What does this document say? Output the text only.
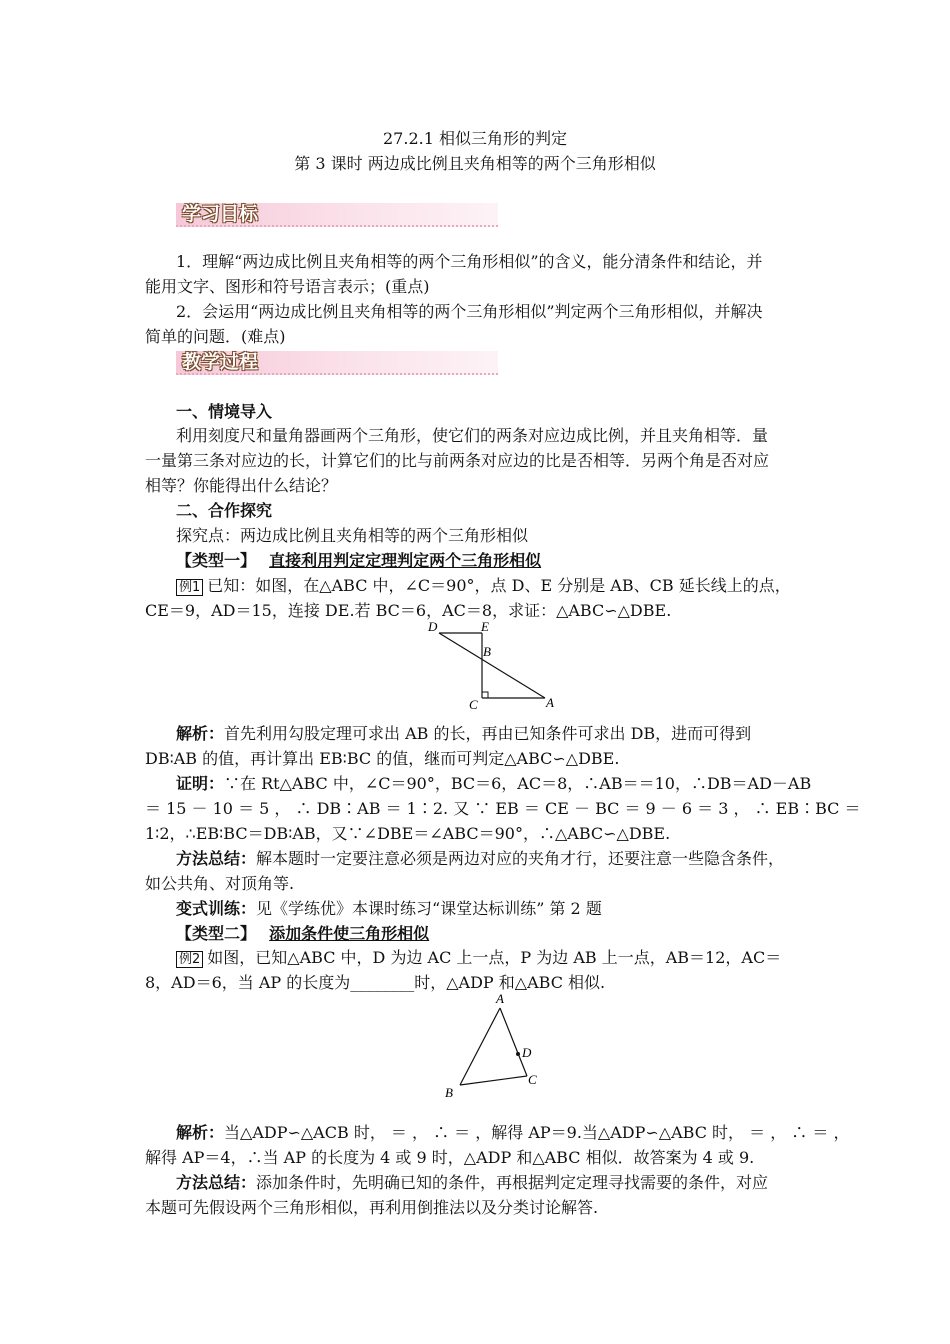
27.2.1 相似三角形的判定
第 3 课时 两边成比例且夹角相等的两个三角形相似
学习目标
1．理解“两边成比例且夹角相等的两个三角形相似”的含义，能分清条件和结论，并
能用文字、图形和符号语言表示；(重点)
2．会运用“两边成比例且夹角相等的两个三角形相似”判定两个三角形相似，并解决
简单的问题．(难点)
教学过程
一、情境导入
利用刻度尺和量角器画两个三角形，使它们的两条对应边成比例，并且夹角相等．量
一量第三条对应边的长，计算它们的比与前两条对应边的比是否相等．另两个角是否对应
相等？你能得出什么结论？
二、合作探究
探究点：两边成比例且夹角相等的两个三角形相似
【类型一】 直接利用判定定理判定两个三角形相似
例1 已知：如图，在△ABC 中，∠C＝90°，点 D、E 分别是 AB、CB 延长线上的点，
CE＝9，AD＝15，连接 DE.若 BC＝6，AC＝8，求证：△ABC∽△DBE.
D	E
B
C	A
解析：首先利用勾股定理可求出 AB 的长，再由已知条件可求出 DB，进而可得到
DB∶AB 的值，再计算出 EB∶BC 的值，继而可判定△ABC∽△DBE.
证明：∵在 Rt△ABC 中，∠C＝90°，BC＝6，AC＝8，∴AB＝＝10，∴DB＝AD－AB
＝ 15 － 10 ＝ 5 ， ∴ DB∶AB ＝ 1∶2. 又 ∵ EB ＝ CE － BC ＝ 9 － 6 ＝ 3 ， ∴ EB∶BC ＝
1∶2，∴EB∶BC＝DB∶AB，又∵∠DBE＝∠ABC＝90°，∴△ABC∽△DBE.
方法总结：解本题时一定要注意必须是两边对应的夹角才行，还要注意一些隐含条件，
如公共角、对顶角等.
变式训练：见《学练优》本课时练习“课堂达标训练” 第 2 题
【类型二】 添加条件使三角形相似
例2 如图，已知△ABC 中，D 为边 AC 上一点，P 为边 AB 上一点，AB＝12，AC＝
8，AD＝6，当 AP 的长度为________时，△ADP 和△ABC 相似.
A
D
B
C
解析：当△ADP∽△ACB 时， ＝ ， ∴ ＝ ，解得 AP＝9.当△ADP∽△ABC 时， ＝ ， ∴ ＝ ，
解得 AP＝4，∴当 AP 的长度为 4 或 9 时，△ADP 和△ABC 相似．故答案为 4 或 9.
方法总结：添加条件时，先明确已知的条件，再根据判定定理寻找需要的条件，对应
本题可先假设两个三角形相似，再利用倒推法以及分类讨论解答.
